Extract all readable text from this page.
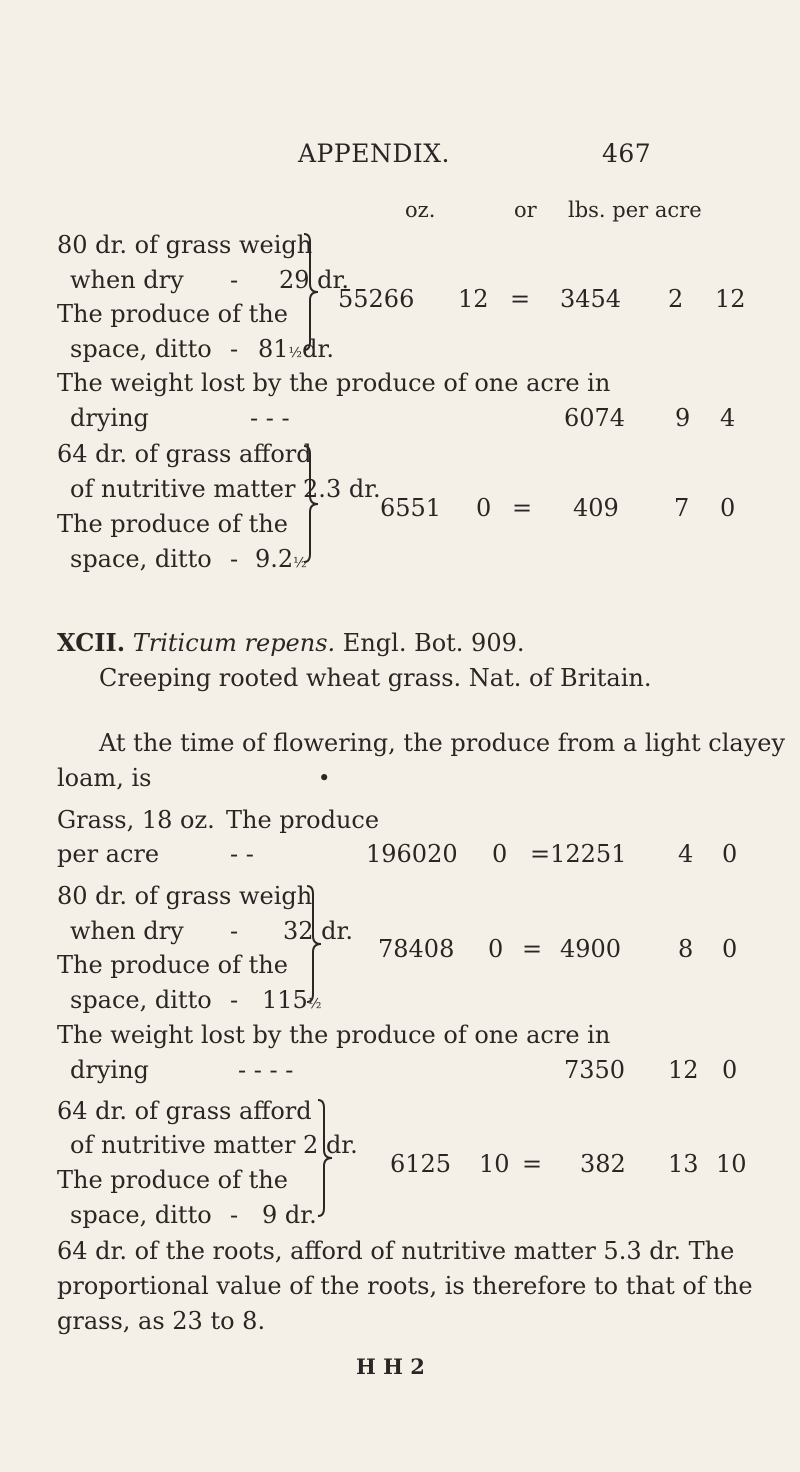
APPENDIX.	467
oz.	or lbs. per acre
80 dr. of grass weigh
when dry - 29 dr.
The produce of the
space, ditto - 81½dr.
55266 12 = 3454 2 12
The weight lost by the produce of one acre in
drying	- - -	6074 9 4
64 dr. of grass afford
of nutritive matter 2.3 dr.
The produce of the
space, ditto - 9.2½
6551 0 = 409 7 0
XCII. Triticum repens. Engl. Bot. 909.
Creeping rooted wheat grass. Nat. of Britain.
At the time of flowering, the produce from a light clayey
loam, is	•
Grass, 18 oz. The produce
per acre	- -	196020 0 =12251 4 0
80 dr. of grass weigh
when dry - 32 dr.
The produce of the
space, ditto - 115½
78408 0 = 4900 8 0
The weight lost by the produce of one acre in
drying	- - - -	7350 12 0
64 dr. of grass afford
of nutritive matter 2 dr.
The produce of the
space, ditto - 9 dr.
6125 10 = 382 13 10
64 dr. of the roots, afford of nutritive matter 5.3 dr. The
proportional value of the roots, is therefore to that of the
grass, as 23 to 8.
H H 2
